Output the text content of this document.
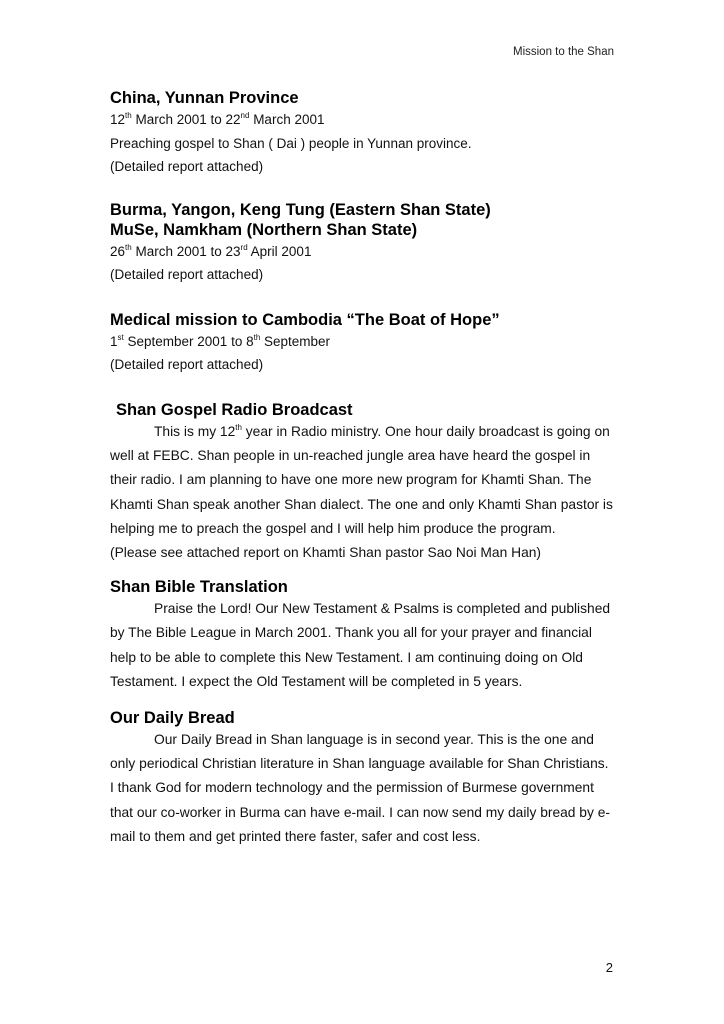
Mission to the Shan
China, Yunnan Province
12th March 2001 to 22nd March 2001
Preaching gospel to Shan ( Dai ) people in Yunnan province.
(Detailed report attached)
Burma, Yangon, Keng Tung (Eastern Shan State)
MuSe, Namkham (Northern Shan State)
26th March 2001 to 23rd April 2001
(Detailed report attached)
Medical mission to Cambodia “The Boat of Hope”
1st September 2001 to 8th September
(Detailed report attached)
Shan Gospel Radio Broadcast

This is my 12th year in Radio ministry. One hour daily broadcast is going on well at FEBC. Shan people in un-reached jungle area have heard the gospel in their radio. I am planning to have one more new program for Khamti Shan. The Khamti Shan speak another Shan dialect. The one and only Khamti Shan pastor is helping me to preach the gospel and I will help him produce the program.

(Please see attached report on Khamti Shan pastor Sao Noi Man Han)

Shan Bible Translation

Praise the Lord! Our New Testament & Psalms is completed and published by The Bible League in March 2001. Thank you all for your prayer and financial help to be able to complete this New Testament. I am continuing doing on Old Testament. I expect the Old Testament will be completed in 5 years.

Our Daily Bread

Our Daily Bread in Shan language is in second year. This is the one and only periodical Christian literature in Shan language available for Shan Christians.

I thank God for modern technology and the permission of Burmese government that our co-worker in Burma can have e-mail. I can now send my daily bread by e-mail to them and get printed there faster, safer and cost less.

2
